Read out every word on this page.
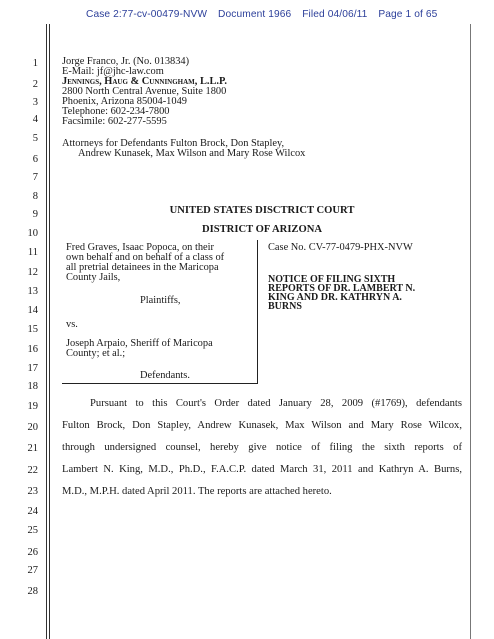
Case 2:77-cv-00479-NVW Document 1966 Filed 04/06/11 Page 1 of 65
1
2
3
4
5
6
7
8
9
10
11
12
13
14
15
16
17
18
19
20
21
22
23
24
25
26
27
28
Jorge Franco, Jr. (No. 013834)
E-Mail: jf@jhc-law.com
Jennings, Haug & Cunningham, L.L.P.
2800 North Central Avenue, Suite 1800
Phoenix, Arizona 85004-1049
Telephone: 602-234-7800
Facsimile: 602-277-5595
Attorneys for Defendants Fulton Brock, Don Stapley,
Andrew Kunasek, Max Wilson and Mary Rose Wilcox
UNITED STATES DISCTRICT COURT
DISTRICT OF ARIZONA
Fred Graves, Isaac Popoca, on their
own behalf and on behalf of a class of
all pretrial detainees in the Maricopa
County Jails,
Plaintiffs,
vs.
Joseph Arpaio, Sheriff of Maricopa
County; et al.;
Defendants.
Case No. CV-77-0479-PHX-NVW
NOTICE OF FILING SIXTH
REPORTS OF DR. LAMBERT N.
KING AND DR. KATHRYN A.
BURNS
Pursuant to this Court's Order dated January 28, 2009 (#1769), defendants
Fulton Brock, Don Stapley, Andrew Kunasek, Max Wilson and Mary Rose Wilcox,
through undersigned counsel, hereby give notice of filing the sixth reports of
Lambert N. King, M.D., Ph.D., F.A.C.P. dated March 31, 2011 and Kathryn A. Burns,
M.D., M.P.H. dated April 2011. The reports are attached hereto.
